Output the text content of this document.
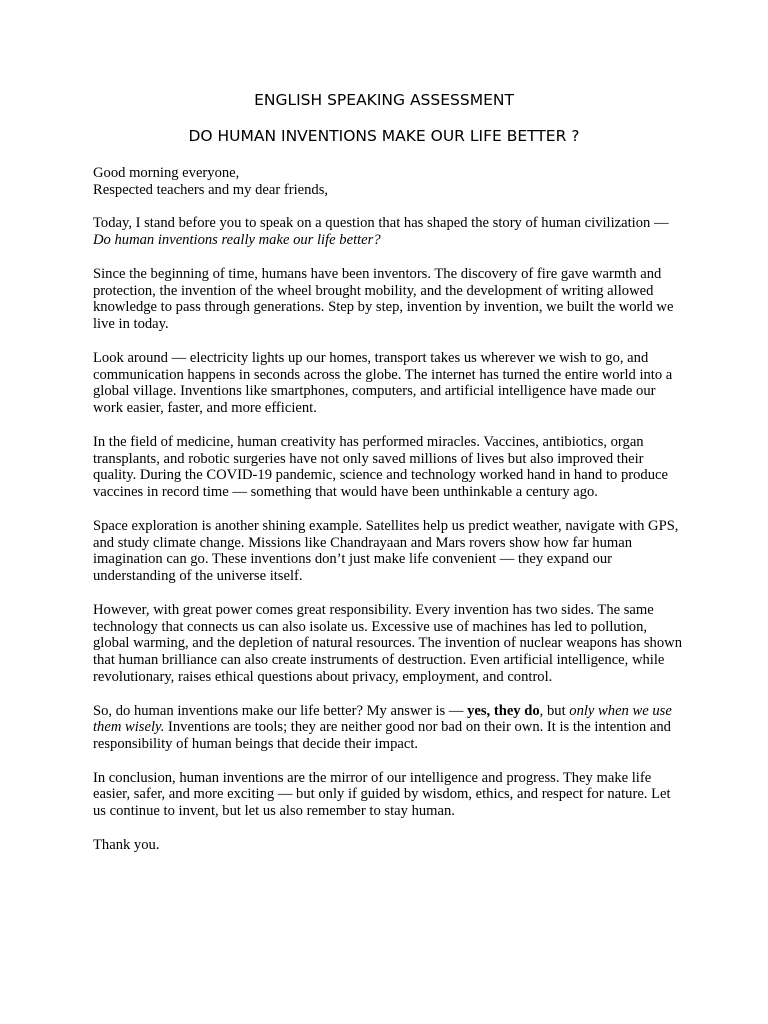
ENGLISH SPEAKING ASSESSMENT
DO HUMAN INVENTIONS MAKE OUR LIFE BETTER ?

Good morning everyone,
Respected teachers and my dear friends,

Today, I stand before you to speak on a question that has shaped the story of human civilization — Do human inventions really make our life better?

Since the beginning of time, humans have been inventors. The discovery of fire gave warmth and protection, the invention of the wheel brought mobility, and the development of writing allowed knowledge to pass through generations. Step by step, invention by invention, we built the world we live in today.

Look around — electricity lights up our homes, transport takes us wherever we wish to go, and communication happens in seconds across the globe. The internet has turned the entire world into a global village. Inventions like smartphones, computers, and artificial intelligence have made our work easier, faster, and more efficient.

In the field of medicine, human creativity has performed miracles. Vaccines, antibiotics, organ transplants, and robotic surgeries have not only saved millions of lives but also improved their quality. During the COVID-19 pandemic, science and technology worked hand in hand to produce vaccines in record time — something that would have been unthinkable a century ago.

Space exploration is another shining example. Satellites help us predict weather, navigate with GPS, and study climate change. Missions like Chandrayaan and Mars rovers show how far human imagination can go. These inventions don’t just make life convenient — they expand our understanding of the universe itself.

However, with great power comes great responsibility. Every invention has two sides. The same technology that connects us can also isolate us. Excessive use of machines has led to pollution, global warming, and the depletion of natural resources. The invention of nuclear weapons has shown that human brilliance can also create instruments of destruction. Even artificial intelligence, while revolutionary, raises ethical questions about privacy, employment, and control.

So, do human inventions make our life better? My answer is — yes, they do, but only when we use them wisely. Inventions are tools; they are neither good nor bad on their own. It is the intention and responsibility of human beings that decide their impact.

In conclusion, human inventions are the mirror of our intelligence and progress. They make life easier, safer, and more exciting — but only if guided by wisdom, ethics, and respect for nature. Let us continue to invent, but let us also remember to stay human.

Thank you.
